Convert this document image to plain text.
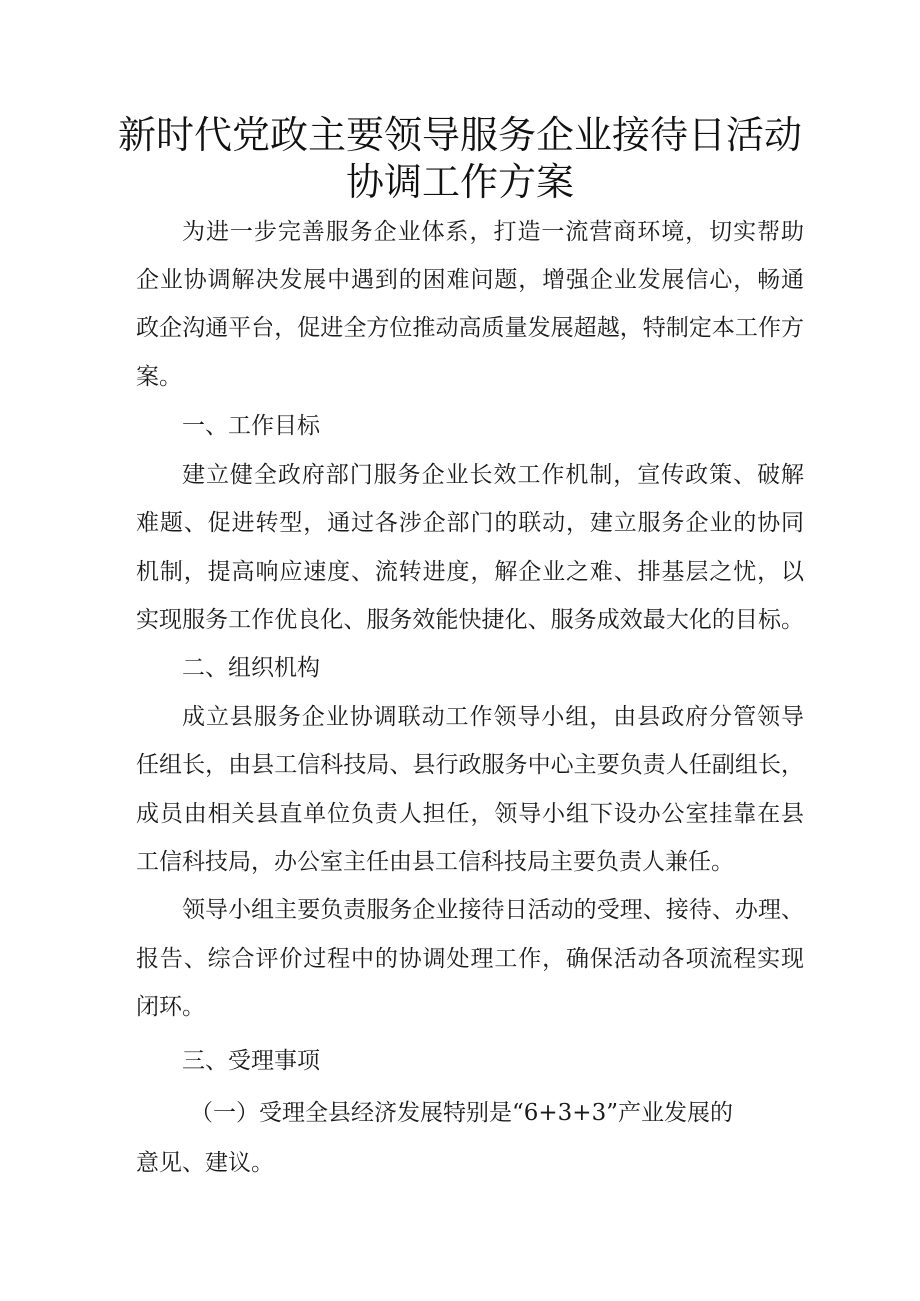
新时代党政主要领导服务企业接待日活动
协调工作方案
为进一步完善服务企业体系，打造一流营商环境，切实帮助
企业协调解决发展中遇到的困难问题，增强企业发展信心，畅通
政企沟通平台，促进全方位推动高质量发展超越，特制定本工作方
案。
一、工作目标
建立健全政府部门服务企业长效工作机制，宣传政策、破解
难题、促进转型，通过各涉企部门的联动，建立服务企业的协同
机制，提高响应速度、流转进度，解企业之难、排基层之忧，以
实现服务工作优良化、服务效能快捷化、服务成效最大化的目标。
二、组织机构
成立县服务企业协调联动工作领导小组，由县政府分管领导
任组长，由县工信科技局、县行政服务中心主要负责人任副组长，
成员由相关县直单位负责人担任，领导小组下设办公室挂靠在县
工信科技局，办公室主任由县工信科技局主要负责人兼任。
领导小组主要负责服务企业接待日活动的受理、接待、办理、
报告、综合评价过程中的协调处理工作，确保活动各项流程实现
闭环。
三、受理事项
（一）受理全县经济发展特别是“6+3+3”产业发展的
意见、建议。
